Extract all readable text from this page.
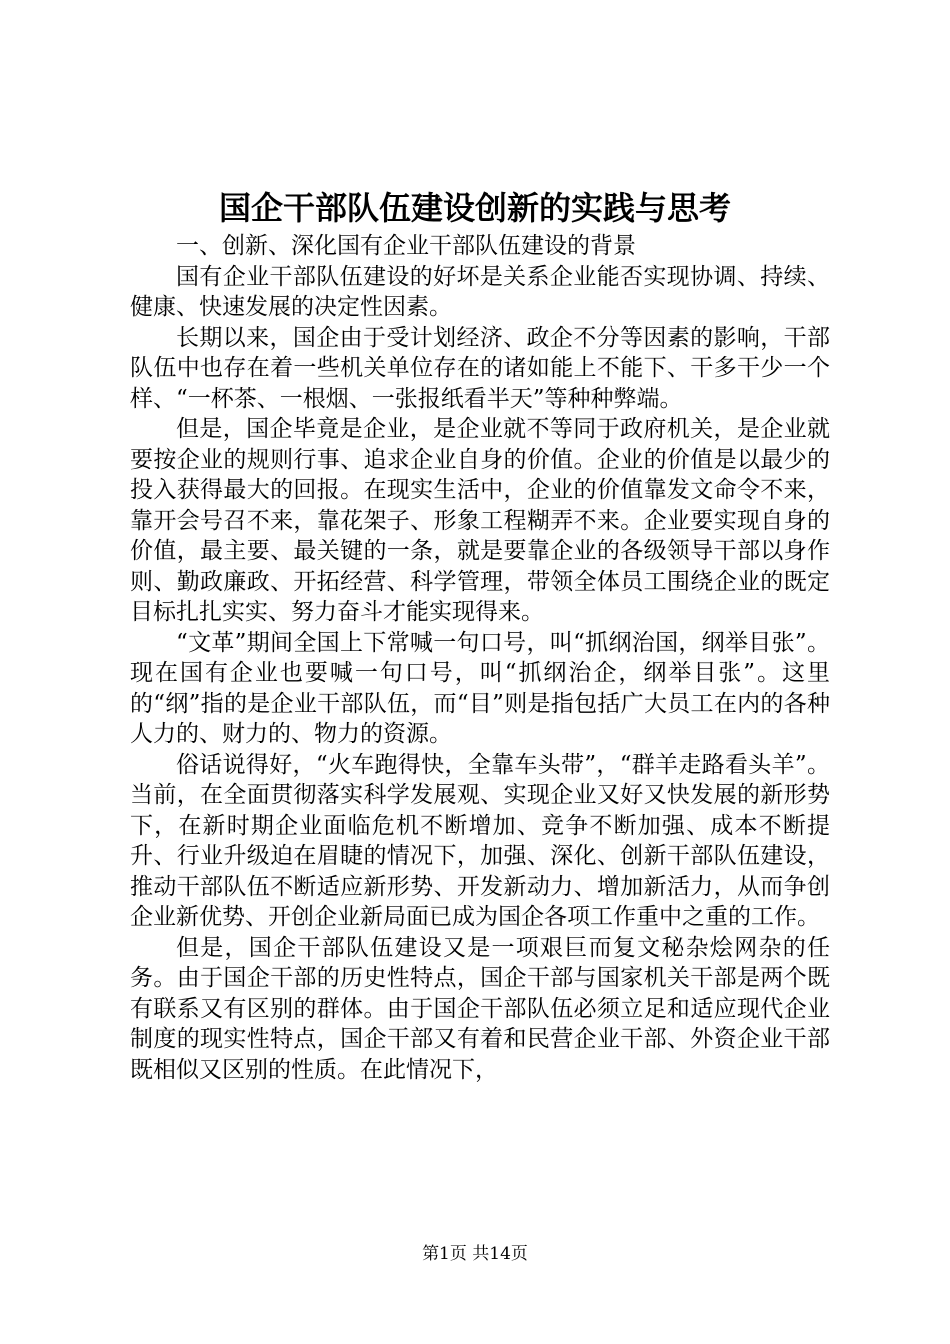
国企干部队伍建设创新的实践与思考

一、创新、深化国有企业干部队伍建设的背景

国有企业干部队伍建设的好坏是关系企业能否实现协调、持续、健康、快速发展的决定性因素。

长期以来，国企由于受计划经济、政企不分等因素的影响，干部队伍中也存在着一些机关单位存在的诸如能上不能下、干多干少一个样、“一杯茶、一根烟、一张报纸看半天”等种种弊端。

但是，国企毕竟是企业，是企业就不等同于政府机关，是企业就要按企业的规则行事、追求企业自身的价值。企业的价值是以最少的投入获得最大的回报。在现实生活中，企业的价值靠发文命令不来，靠开会号召不来，靠花架子、形象工程糊弄不来。企业要实现自身的价值，最主要、最关键的一条，就是要靠企业的各级领导干部以身作则、勤政廉政、开拓经营、科学管理，带领全体员工围绕企业的既定目标扎扎实实、努力奋斗才能实现得来。

“文革”期间全国上下常喊一句口号，叫“抓纲治国，纲举目张”。现在国有企业也要喊一句口号，叫“抓纲治企，纲举目张”。这里的“纲”指的是企业干部队伍，而“目”则是指包括广大员工在内的各种人力的、财力的、物力的资源。

俗话说得好，“火车跑得快，全靠车头带”，“群羊走路看头羊”。当前，在全面贯彻落实科学发展观、实现企业又好又快发展的新形势下，在新时期企业面临危机不断增加、竞争不断加强、成本不断提升、行业升级迫在眉睫的情况下，加强、深化、创新干部队伍建设，推动干部队伍不断适应新形势、开发新动力、增加新活力，从而争创企业新优势、开创企业新局面已成为国企各项工作重中之重的工作。

但是，国企干部队伍建设又是一项艰巨而复文秘杂烩网杂的任务。由于国企干部的历史性特点，国企干部与国家机关干部是两个既有联系又有区别的群体。由于国企干部队伍必须立足和适应现代企业制度的现实性特点，国企干部又有着和民营企业干部、外资企业干部既相似又区别的性质。在此情况下，

第1页 共14页
